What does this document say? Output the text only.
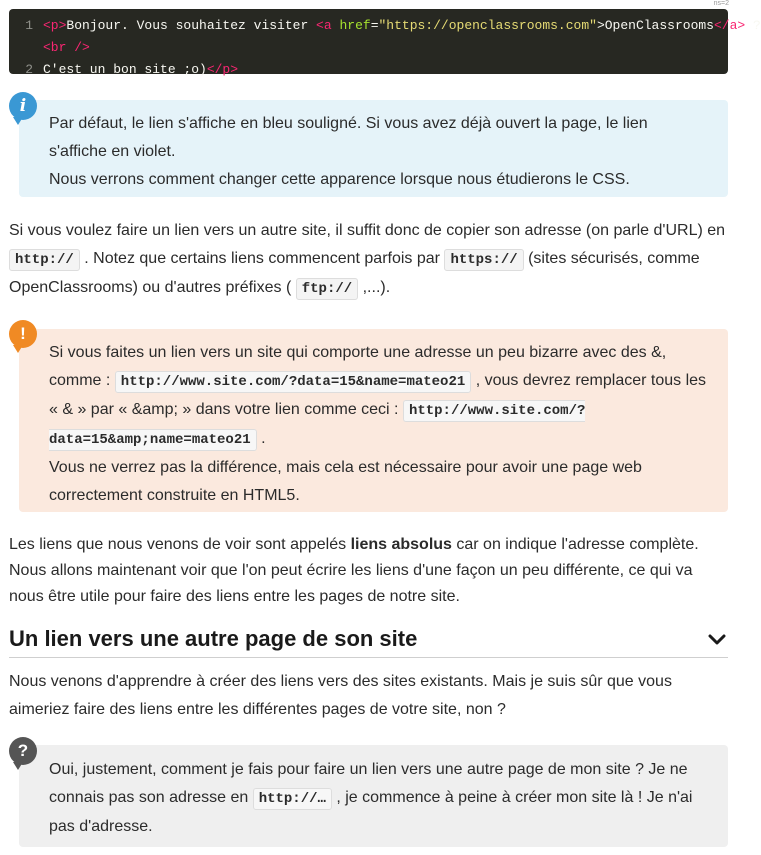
ns=2
1 <p>Bonjour. Vous souhaitez visiter <a href="https://openclassrooms.com">OpenClassrooms</a> ?
<br />
2 C'est un bon site ;o)</p>
Par défaut, le lien s'affiche en bleu souligné. Si vous avez déjà ouvert la page, le lien s'affiche en violet.
Nous verrons comment changer cette apparence lorsque nous étudierons le CSS.
i
Si vous voulez faire un lien vers un autre site, il suffit donc de copier son adresse (on parle d'URL) en http:// . Notez que certains liens commencent parfois par https:// (sites sécurisés, comme OpenClassrooms) ou d'autres préfixes ( ftp:// ,...).
Si vous faites un lien vers un site qui comporte une adresse un peu bizarre avec des &, comme : http://www.site.com/?data=15&name=mateo21 , vous devrez remplacer tous les « & » par « &amp; » dans votre lien comme ceci : http://www.site.com/?data=15&amp;name=mateo21 .
Vous ne verrez pas la différence, mais cela est nécessaire pour avoir une page web correctement construite en HTML5.
!
Les liens que nous venons de voir sont appelés liens absolus car on indique l'adresse complète. Nous allons maintenant voir que l'on peut écrire les liens d'une façon un peu différente, ce qui va nous être utile pour faire des liens entre les pages de notre site.
Un lien vers une autre page de son site
Nous venons d'apprendre à créer des liens vers des sites existants. Mais je suis sûr que vous aimeriez faire des liens entre les différentes pages de votre site, non ?
Oui, justement, comment je fais pour faire un lien vers une autre page de mon site ? Je ne connais pas son adresse en http://… , je commence à peine à créer mon site là ! Je n'ai pas d'adresse.
?
